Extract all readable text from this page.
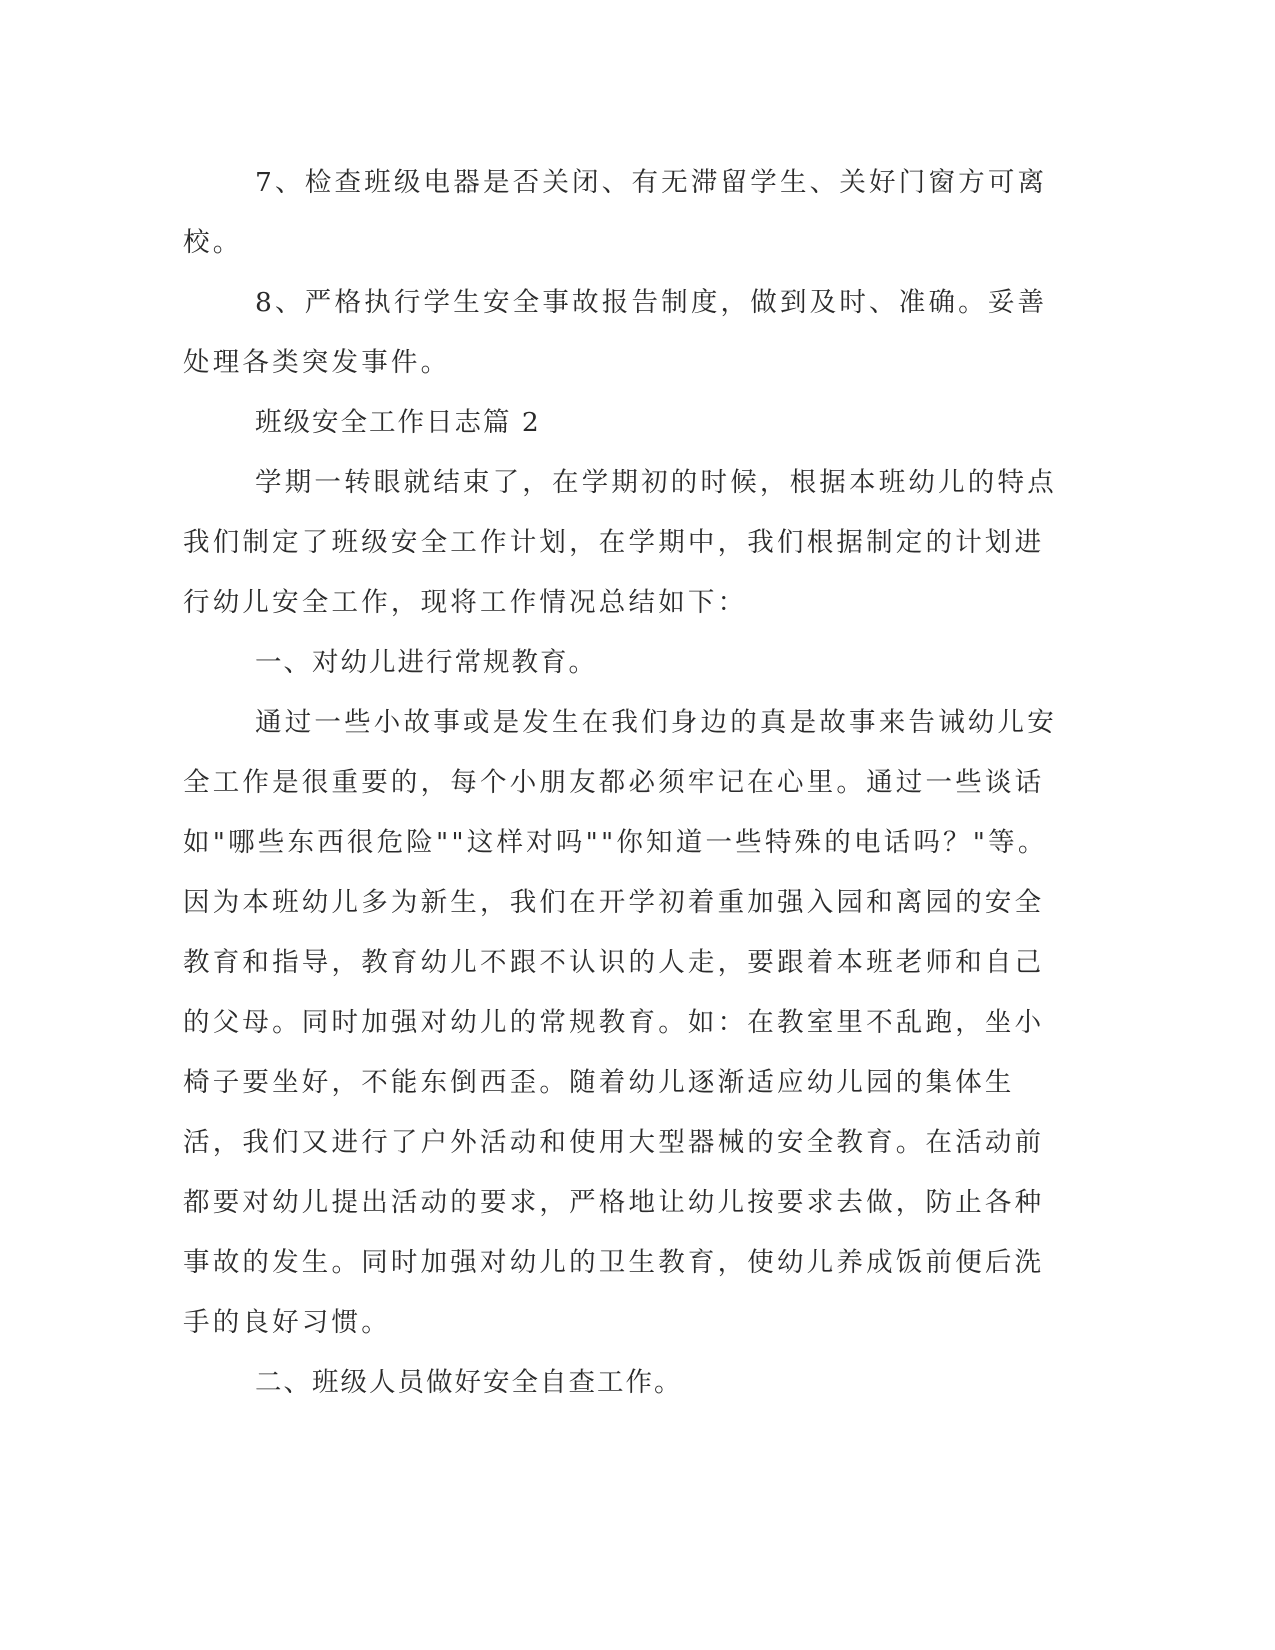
7、检查班级电器是否关闭、有无滞留学生、关好门窗方可离校。

8、严格执行学生安全事故报告制度，做到及时、准确。妥善处理各类突发事件。

班级安全工作日志篇 2

学期一转眼就结束了，在学期初的时候，根据本班幼儿的特点我们制定了班级安全工作计划，在学期中，我们根据制定的计划进行幼儿安全工作，现将工作情况总结如下：

一、对幼儿进行常规教育。

通过一些小故事或是发生在我们身边的真是故事来告诫幼儿安全工作是很重要的，每个小朋友都必须牢记在心里。通过一些谈话如"哪些东西很危险""这样对吗""你知道一些特殊的电话吗？"等。因为本班幼儿多为新生，我们在开学初着重加强入园和离园的安全教育和指导，教育幼儿不跟不认识的人走，要跟着本班老师和自己的父母。同时加强对幼儿的常规教育。如：在教室里不乱跑，坐小椅子要坐好，不能东倒西歪。随着幼儿逐渐适应幼儿园的集体生活，我们又进行了户外活动和使用大型器械的安全教育。在活动前都要对幼儿提出活动的要求，严格地让幼儿按要求去做，防止各种事故的发生。同时加强对幼儿的卫生教育，使幼儿养成饭前便后洗手的良好习惯。

二、班级人员做好安全自查工作。
